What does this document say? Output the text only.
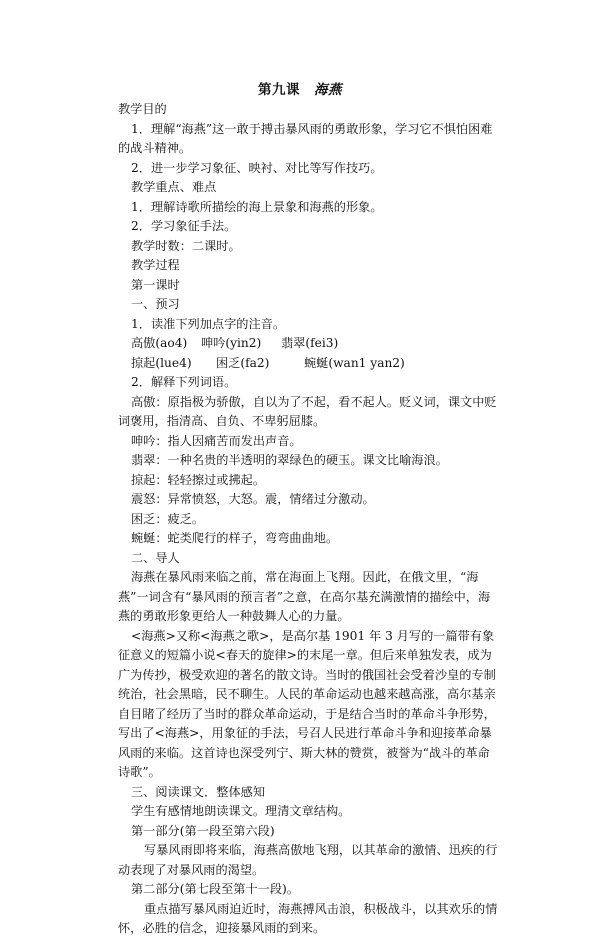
第九课 海燕

教学目的

1．理解“海燕”这一敢于搏击暴风雨的勇敢形象，学习它不惧怕困难的战斗精神。

2．进一步学习象征、映衬、对比等写作技巧。

教学重点、难点

1．理解诗歌所描绘的海上景象和海燕的形象。

2．学习象征手法。

教学时数：二课时。

教学过程

第一课时

一、预习

1．读准下列加点字的注音。

高傲(ao4)	呻吟(yin2)	翡翠(fei3)
掠起(lue4)	困乏(fa2)	蜿蜒(wan1 yan2)

2．解释下列词语。

高傲：原指极为骄傲，自以为了不起，看不起人。贬义词，课文中贬词褒用，指清高、自负、不卑躬屈膝。

呻吟：指人因痛苦而发出声音。

翡翠：一种名贵的半透明的翠绿色的硬玉。课文比喻海浪。

掠起：轻轻擦过或拂起。

震怒：异常愤怒，大怒。震，情绪过分激动。

困乏：疲乏。

蜿蜒：蛇类爬行的样子，弯弯曲曲地。

二、导人

海燕在暴风雨来临之前，常在海面上飞翔。因此，在俄文里，“海燕”一词含有“暴风雨的预言者”之意，在高尔基充满激情的描绘中，海燕的勇敢形象更给人一种鼓舞人心的力量。

<海燕>又称<海燕之歌>，是高尔基 1901 年 3 月写的一篇带有象征意义的短篇小说<春天的旋律>的末尾一章。但后来单独发表，成为广为传抄，极受欢迎的著名的散文诗。当时的俄国社会受着沙皇的专制统治，社会黑暗，民不聊生。人民的革命运动也越来越高涨，高尔基亲自目睹了经历了当时的群众革命运动，于是结合当时的革命斗争形势，写出了<海燕>，用象征的手法，号召人民进行革命斗争和迎接革命暴风雨的来临。这首诗也深受列宁、斯大林的赞赏，被誉为“战斗的革命诗歌”。

三、阅读课文．整体感知

学生有感情地朗读课文。理清文章结构。

第一部分(第一段至第六段)

写暴风雨即将来临，海燕高傲地飞翔，以其革命的激情、迅疾的行动表现了对暴风雨的渴望。

第二部分(第七段至第十一段)。

重点描写暴风雨迫近时，海燕搏风击浪，积极战斗，以其欢乐的情怀，必胜的信念，迎接暴风雨的到来。
